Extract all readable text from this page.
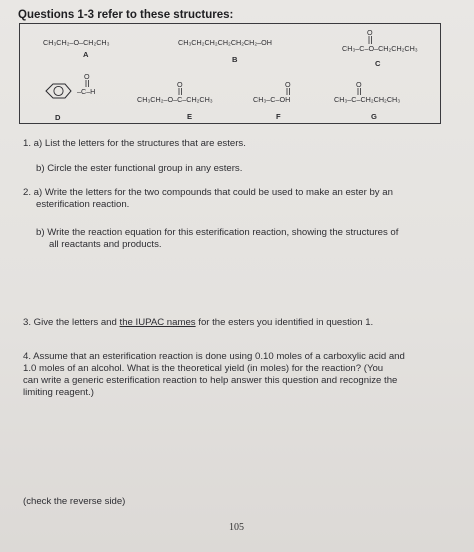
Questions 1-3 refer to these structures:
CH₃CH₂–O–CH₂CH₃
A
CH₃CH₂CH₂CH₂CH₂CH₂–OH
B
O
CH₃–C–O–CH₂CH₂CH₃
C
O
–C–H
D
O
CH₃CH₂–O–C–CH₂CH₃
E
O
CH₃–C–OH
F
O
CH₃–C–CH₂CH₂CH₃
G
1. a) List the letters for the structures that are esters.
b) Circle the ester functional group in any esters.
2. a) Write the letters for the two compounds that could be used to make an ester by an
esterification reaction.
b) Write the reaction equation for this esterification reaction, showing the structures of
all reactants and products.
3. Give the letters and the IUPAC names for the esters you identified in question 1.
4. Assume that an esterification reaction is done using 0.10 moles of a carboxylic acid and
1.0 moles of an alcohol. What is the theoretical yield (in moles) for the reaction? (You
can write a generic esterification reaction to help answer this question and recognize the
limiting reagent.)
(check the reverse side)
105
